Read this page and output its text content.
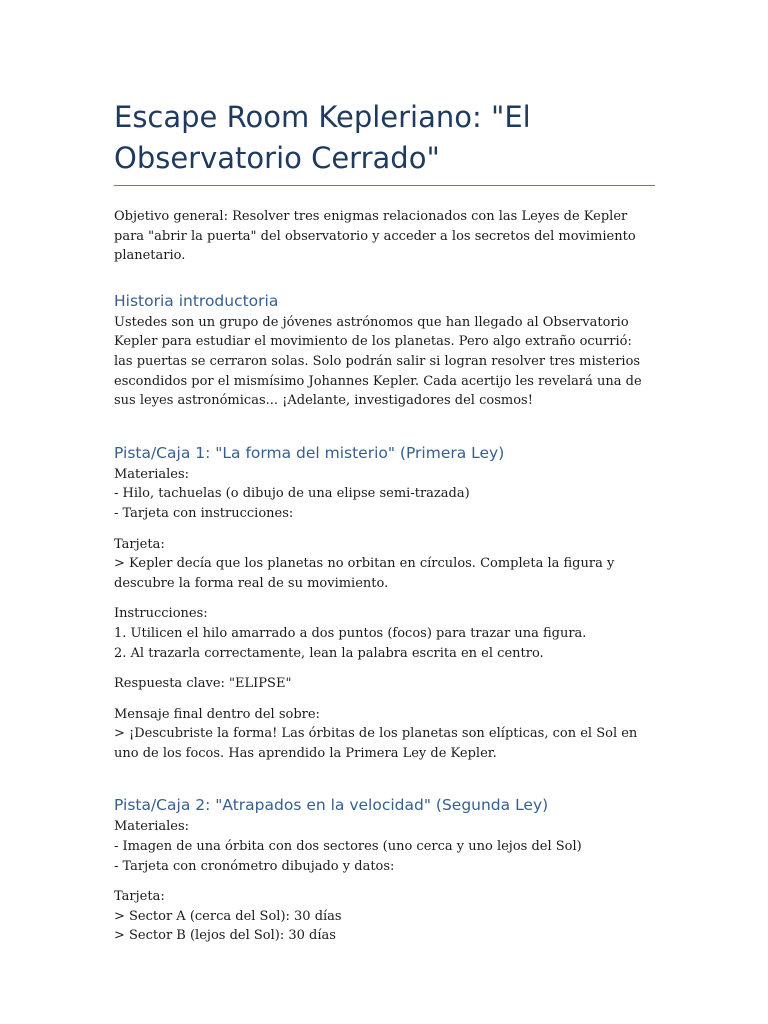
Escape Room Kepleriano: "El Observatorio Cerrado"

Objetivo general: Resolver tres enigmas relacionados con las Leyes de Kepler para "abrir la puerta" del observatorio y acceder a los secretos del movimiento planetario.

Historia introductoria

Ustedes son un grupo de jóvenes astrónomos que han llegado al Observatorio Kepler para estudiar el movimiento de los planetas. Pero algo extraño ocurrió: las puertas se cerraron solas. Solo podrán salir si logran resolver tres misterios escondidos por el mismísimo Johannes Kepler. Cada acertijo les revelará una de sus leyes astronómicas... ¡Adelante, investigadores del cosmos!

Pista/Caja 1: "La forma del misterio" (Primera Ley)

Materiales:
- Hilo, tachuelas (o dibujo de una elipse semi-trazada)
- Tarjeta con instrucciones:

Tarjeta:
> Kepler decía que los planetas no orbitan en círculos. Completa la figura y descubre la forma real de su movimiento.

Instrucciones:
1. Utilicen el hilo amarrado a dos puntos (focos) para trazar una figura.
2. Al trazarla correctamente, lean la palabra escrita en el centro.

Respuesta clave: "ELIPSE"

Mensaje final dentro del sobre:
> ¡Descubriste la forma! Las órbitas de los planetas son elípticas, con el Sol en uno de los focos. Has aprendido la Primera Ley de Kepler.

Pista/Caja 2: "Atrapados en la velocidad" (Segunda Ley)

Materiales:
- Imagen de una órbita con dos sectores (uno cerca y uno lejos del Sol)
- Tarjeta con cronómetro dibujado y datos:

Tarjeta:
> Sector A (cerca del Sol): 30 días
> Sector B (lejos del Sol): 30 días
